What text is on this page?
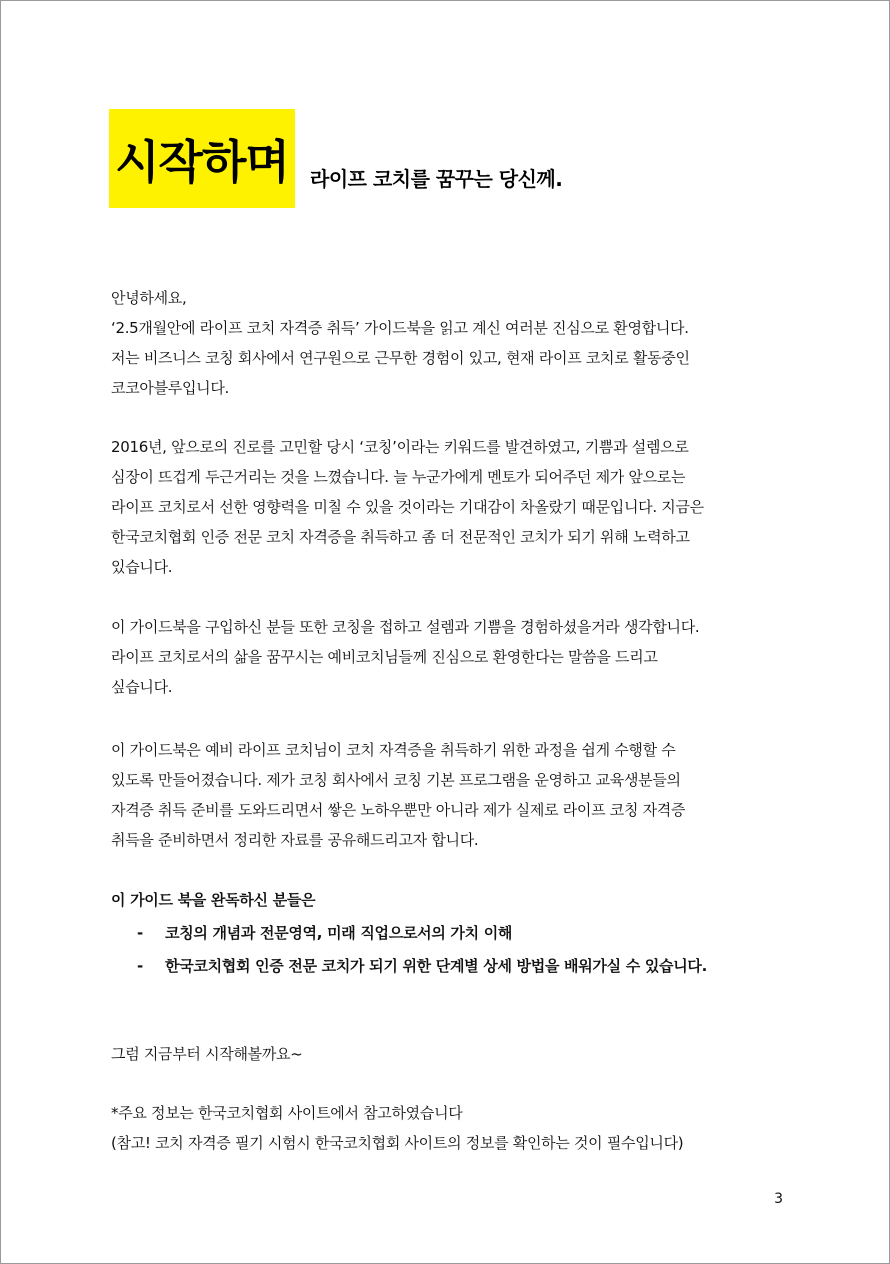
시작하며 라이프 코치를 꿈꾸는 당신께.

안녕하세요,

‘2.5개월안에 라이프 코치 자격증 취득’ 가이드북을 읽고 계신 여러분 진심으로 환영합니다.

저는 비즈니스 코칭 회사에서 연구원으로 근무한 경험이 있고, 현재 라이프 코치로 활동중인

코코아블루입니다.

2016년, 앞으로의 진로를 고민할 당시 ‘코칭’이라는 키워드를 발견하였고, 기쁨과 설렘으로

심장이 뜨겁게 두근거리는 것을 느꼈습니다. 늘 누군가에게 멘토가 되어주던 제가 앞으로는

라이프 코치로서 선한 영향력을 미칠 수 있을 것이라는 기대감이 차올랐기 때문입니다. 지금은

한국코치협회 인증 전문 코치 자격증을 취득하고 좀 더 전문적인 코치가 되기 위해 노력하고

있습니다.

이 가이드북을 구입하신 분들 또한 코칭을 접하고 설렘과 기쁨을 경험하셨을거라 생각합니다.

라이프 코치로서의 삶을 꿈꾸시는 예비코치님들께 진심으로 환영한다는 말씀을 드리고

싶습니다.

이 가이드북은 예비 라이프 코치님이 코치 자격증을 취득하기 위한 과정을 쉽게 수행할 수

있도록 만들어졌습니다. 제가 코칭 회사에서 코칭 기본 프로그램을 운영하고 교육생분들의

자격증 취득 준비를 도와드리면서 쌓은 노하우뿐만 아니라 제가 실제로 라이프 코칭 자격증

취득을 준비하면서 정리한 자료를 공유해드리고자 합니다.

이 가이드 북을 완독하신 분들은
- 코칭의 개념과 전문영역, 미래 직업으로서의 가치 이해
- 한국코치협회 인증 전문 코치가 되기 위한 단계별 상세 방법을 배워가실 수 있습니다.

그럼 지금부터 시작해볼까요~

*주요 정보는 한국코치협회 사이트에서 참고하였습니다

(참고! 코치 자격증 필기 시험시 한국코치협회 사이트의 정보를 확인하는 것이 필수입니다)

3
